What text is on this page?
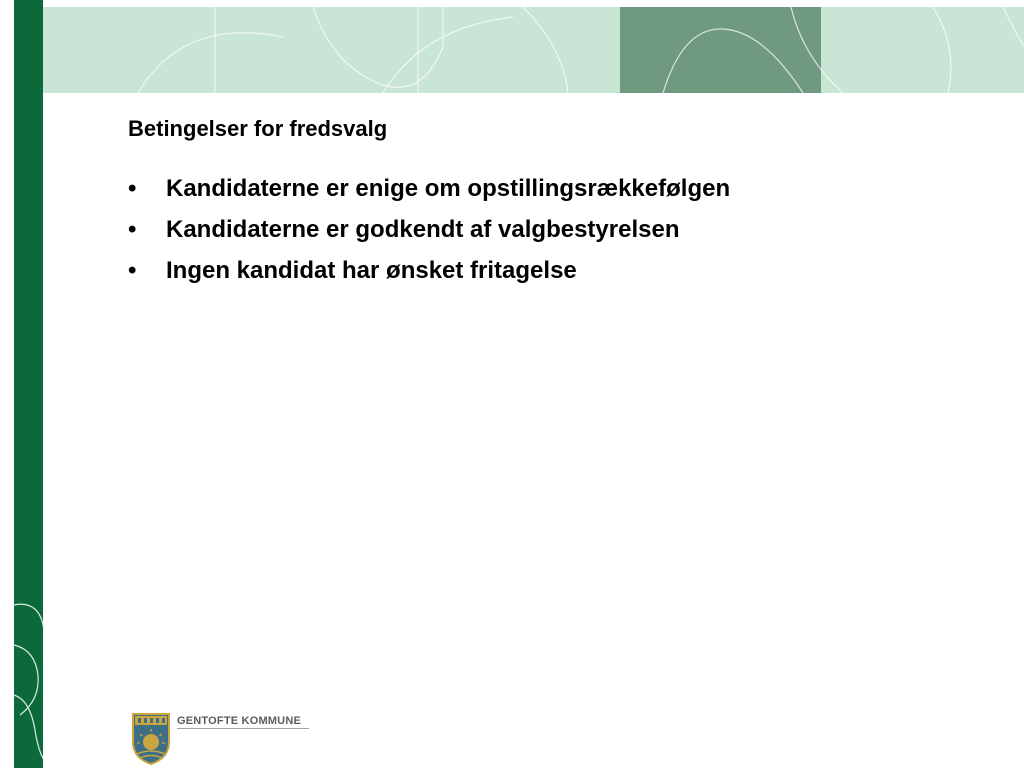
Betingelser for fredsvalg
•	Kandidaterne er enige om opstillingsrækkefølgen
•	Kandidaterne er godkendt af valgbestyrelsen
•	Ingen kandidat har ønsket fritagelse
GENTOFTE KOMMUNE
